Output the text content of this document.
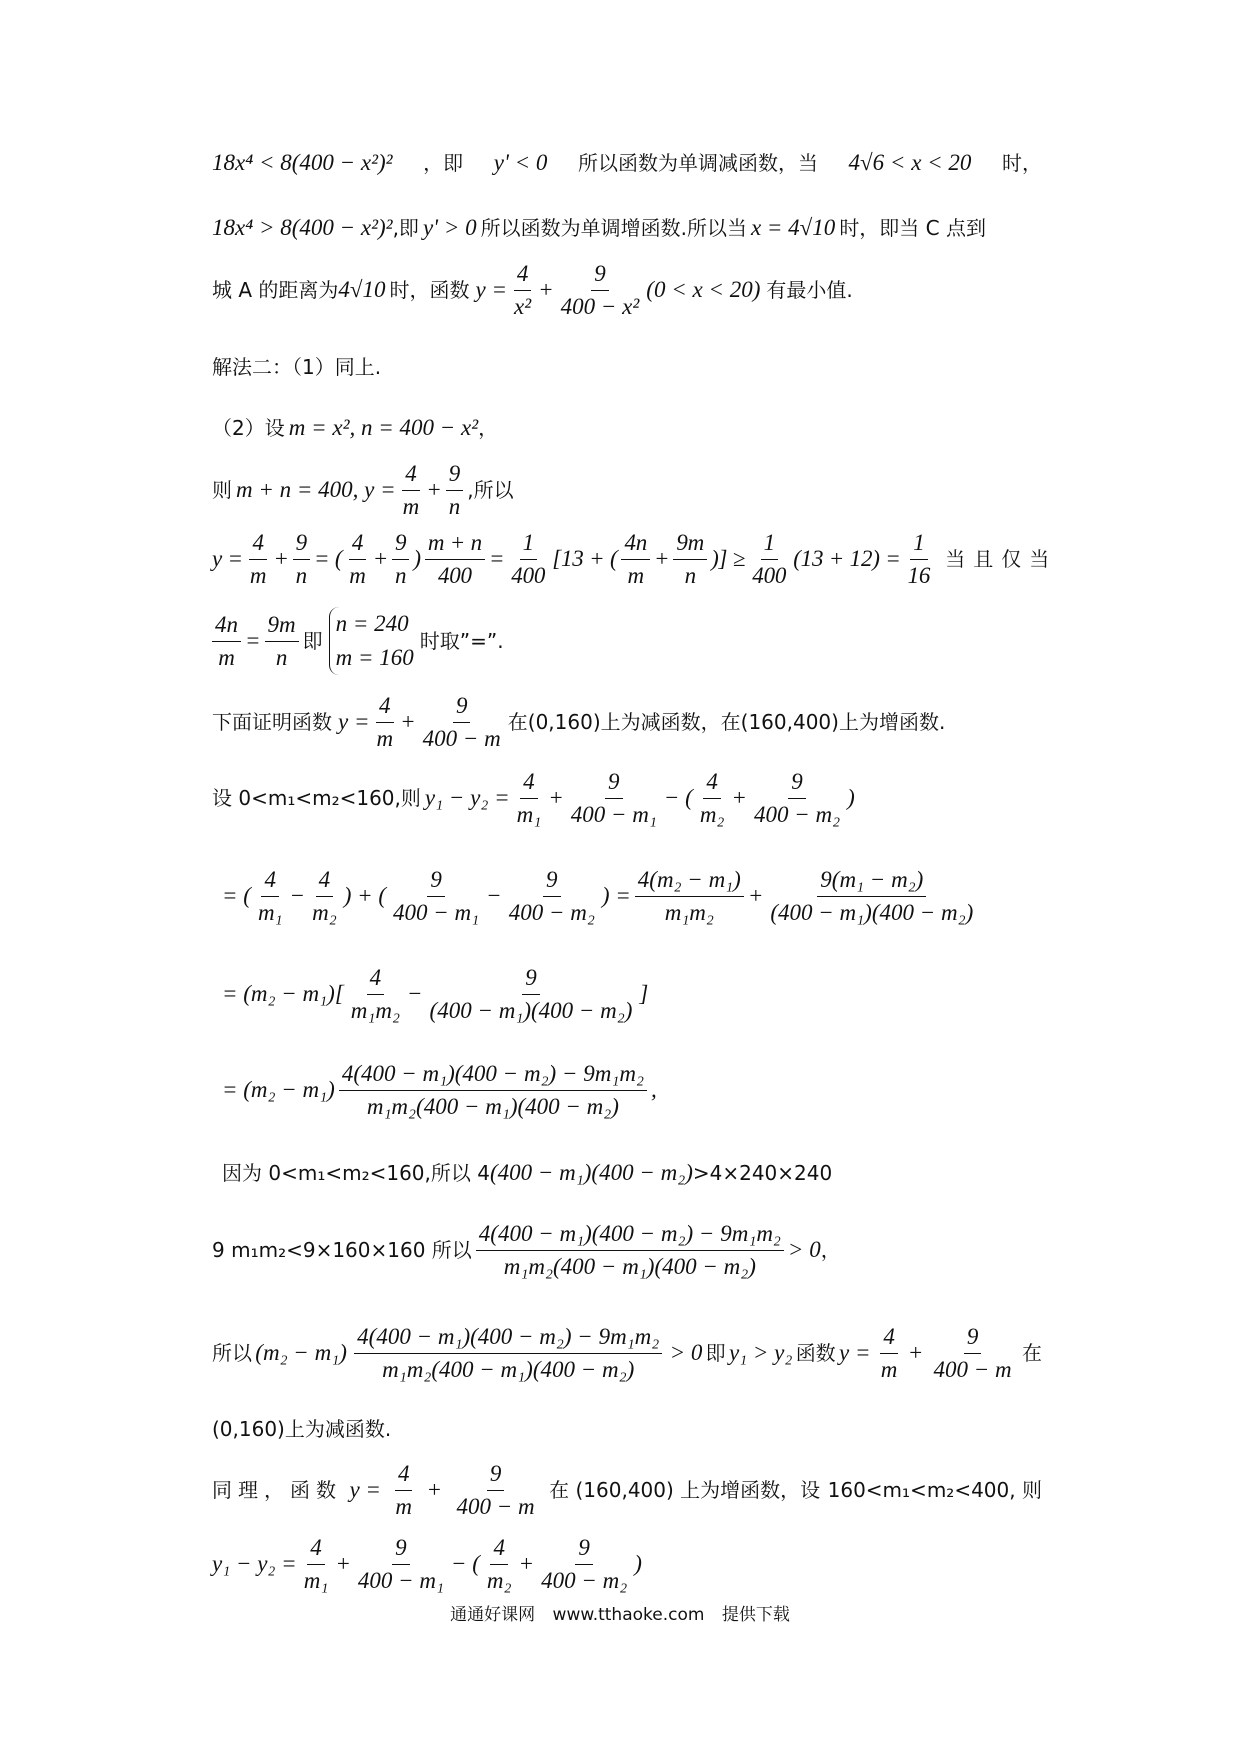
18x⁴ < 8(400 − x²)² ，即 y' < 0 所以函数为单调减函数，当 4√6 < x < 20 时，
18x⁴ > 8(400 − x²)² ,即 y' > 0 所以函数为单调增函数.所以当 x = 4√10 时，即当 C 点到
城 A 的距离为 4√10 时，函数 $y = \frac{4}{\text{x²}} + \frac{9}{\text{400 − x²}} (0 < x < 20)$ 有最小值.
解法二：（1）同上.
（2）设 m = x², n = 400 − x² ，
则 m + n = 400, $y = \frac{4}{m} + \frac{9}{n}$ ,所以
$y = \frac{4}{m} + \frac{9}{n}$ = ( $\frac{4}{m} + \frac{9}{n}$ ) $\frac{m + n}{400} = \frac{1}{400} [13$ + ( $\frac{4n}{m} + \frac{9m}{n}$ )] ≥ $\frac{1}{400} (13 + 12) = \frac{1}{16}$ 当且仅当
$\frac{4n}{m} = \frac{9m}{n}$ 即
n = 240
m = 160
时取”=”.
下面证明函数 $y = \frac{4}{m} + \frac{9}{400 - m}$ 在(0,160)上为减函数，在(160,400)上为增函数.
设 0<m₁<m₂<160,则 $y_1 - y_2 = \frac{4}{\text{m₁}} + \frac{9}{\text{400 − m₁}}$ − ( $\frac{4}{\text{m₂}} + \frac{9}{\text{400 − m₂}}$ )
= ( $\frac{4}{\text{m₁}} - \frac{4}{\text{m₂}}$ ) + ( $\frac{9}{\text{400 − m₁}} - \frac{9}{\text{400 − m₂}}$ ) = $\frac{\text{4(m₂ − m₁)}}{\text{m₁m₂}} + \frac{\text{9(m₁ − m₂)}}{\text{(400 − m₁)(400 − m₂)}}$
= $(m_2 - m_1)[ \frac{4}{\text{m₁m₂}} - \frac{9}{\text{(400 − m₁)(400 − m₂)}}$ ]
= $(m_2 - m_1) \frac{\text{4(400 − m₁)(400 − m₂) − 9m₁m₂}}{\text{m₁m₂(400 − m₁)(400 − m₂)}}$ ,
因为 0<m₁<m₂<160,所以 4 (400 − m₁)(400 − m₂) >4×240×240
9 m₁m₂<9×160×160 所以 $\frac{\text{4(400 − m₁)(400 − m₂) − 9m₁m₂}}{\text{m₁m₂(400 − m₁)(400 − m₂)}} > 0$ ，
所以 $(m_2 - m_1) \frac{\text{4(400 − m₁)(400 − m₂) − 9m₁m₂}}{\text{m₁m₂(400 − m₁)(400 − m₂)}} > 0$ 即 y₁ > y₂ 函数 $y = \frac{4}{m} + \frac{9}{400 - m}$ 在
(0,160)上为减函数.
同理，函数 $y = \frac{4}{m} + \frac{9}{400 - m}$ 在 (160,400) 上为增函数，设 160<m₁<m₂<400, 则
$y_1 - y_2 = \frac{4}{\text{m₁}} + \frac{9}{\text{400 − m₁}}$ − ( $\frac{4}{\text{m₂}} + \frac{9}{\text{400 − m₂}}$ )
通通好课网 www.tthaoke.com 提供下载
